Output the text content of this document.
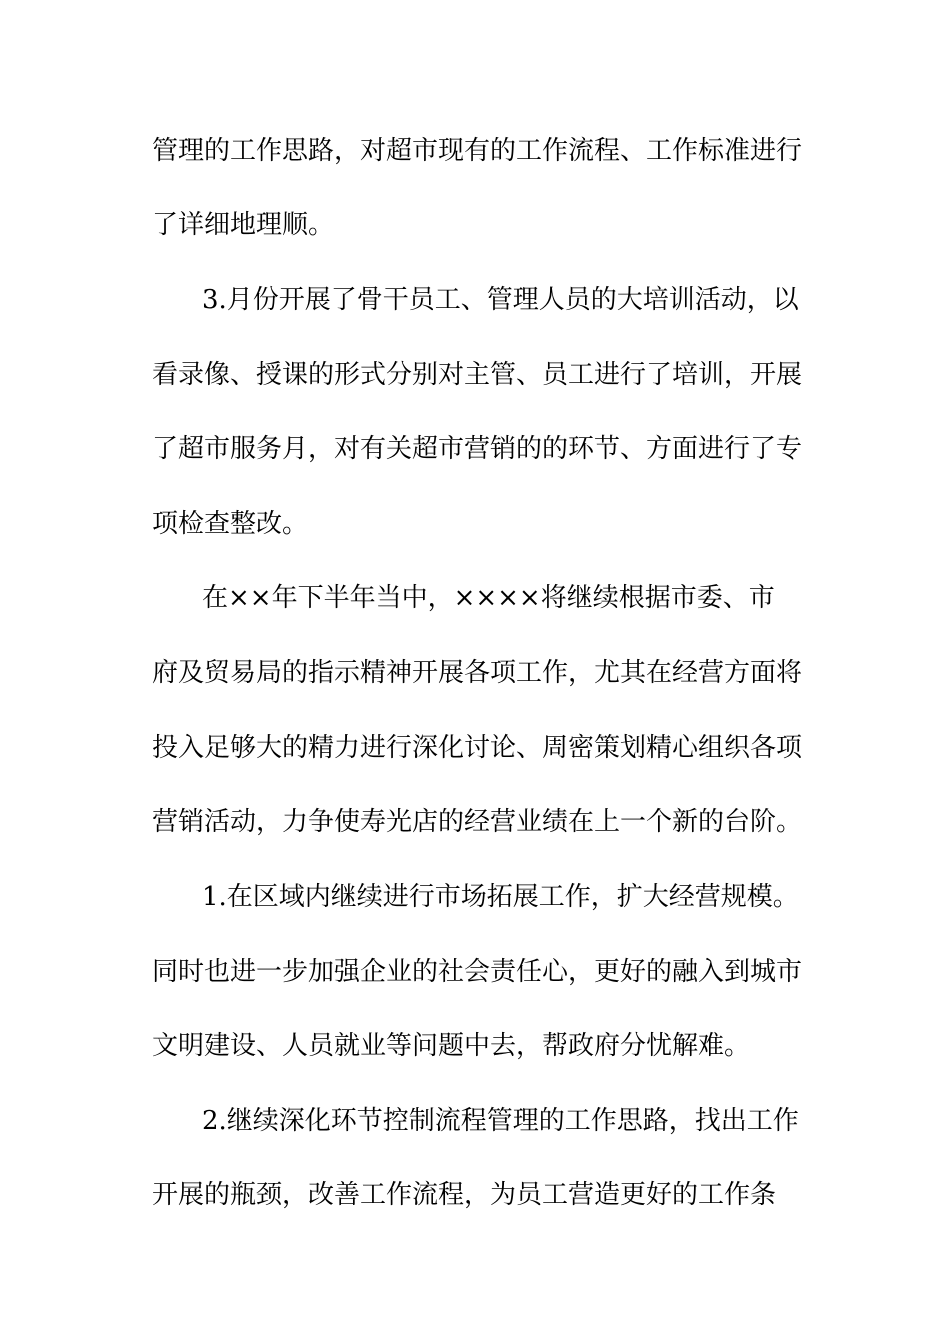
管理的工作思路，对超市现有的工作流程、工作标准进行
了详细地理顺。
3.月份开展了骨干员工、管理人员的大培训活动，以
看录像、授课的形式分别对主管、员工进行了培训，开展
了超市服务月，对有关超市营销的的环节、方面进行了专
项检查整改。
在××年下半年当中，××××将继续根据市委、市
府及贸易局的指示精神开展各项工作，尤其在经营方面将
投入足够大的精力进行深化讨论、周密策划精心组织各项
营销活动，力争使寿光店的经营业绩在上一个新的台阶。
1.在区域内继续进行市场拓展工作，扩大经营规模。
同时也进一步加强企业的社会责任心，更好的融入到城市
文明建设、人员就业等问题中去，帮政府分忧解难。
2.继续深化环节控制流程管理的工作思路，找出工作
开展的瓶颈，改善工作流程，为员工营造更好的工作条
